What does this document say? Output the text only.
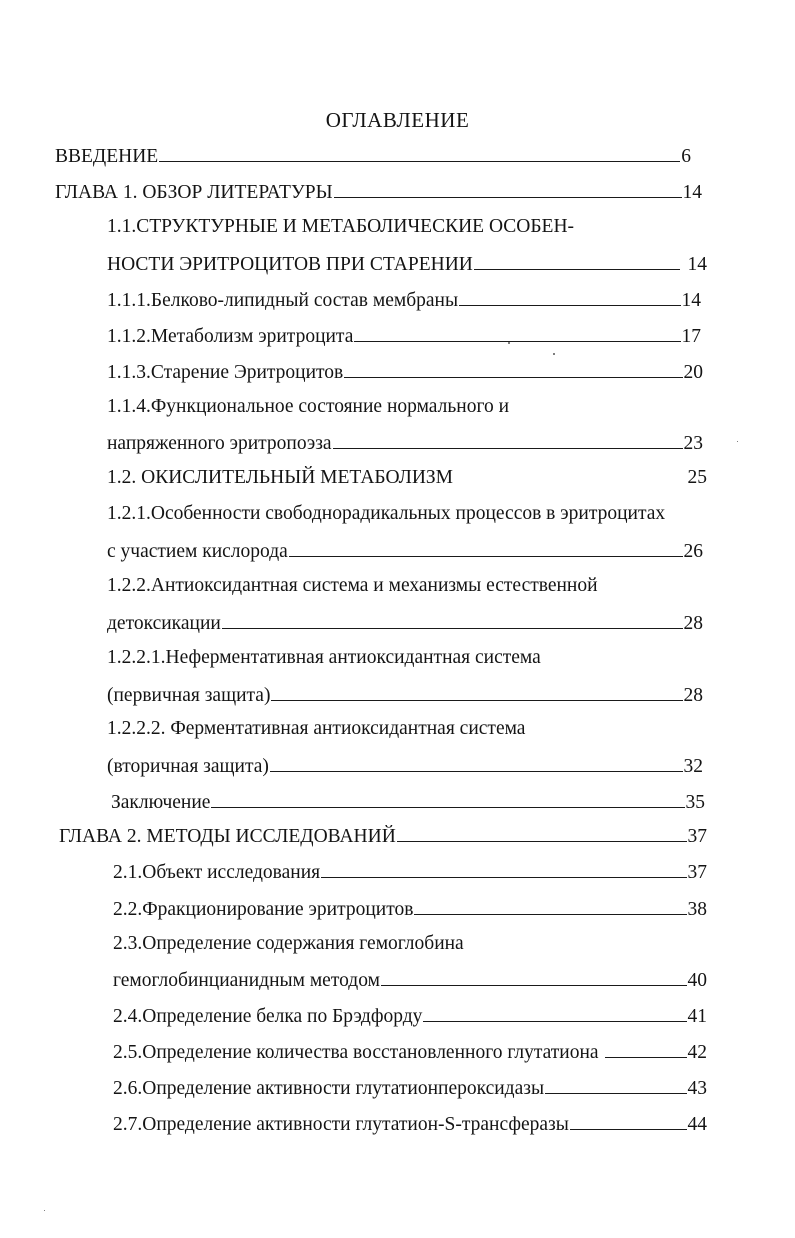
ОГЛАВЛЕНИЕ
ВВЕДЕНИЕ	6
ГЛАВА 1. ОБЗОР ЛИТЕРАТУРЫ	14
1.1.СТРУКТУРНЫЕ И МЕТАБОЛИЧЕСКИЕ ОСОБЕН-
НОСТИ ЭРИТРОЦИТОВ ПРИ СТАРЕНИИ	14
1.1.1.Белково-липидный состав мембраны	14
1.1.2.Метаболизм эритроцита	17
1.1.3.Старение Эритроцитов	20
1.1.4.Функциональное состояние нормального и
напряженного эритропоэза	23
1.2. ОКИСЛИТЕЛЬНЫЙ МЕТАБОЛИЗМ	25
1.2.1.Особенности свободнорадикальных процессов в эритроцитах
с участием кислорода	26
1.2.2.Антиоксидантная система и механизмы естественной
детоксикации	28
1.2.2.1.Неферментативная антиоксидантная система
(первичная защита)	28
1.2.2.2. Ферментативная антиоксидантная система
(вторичная защита)	32
Заключение	35
ГЛАВА 2. МЕТОДЫ ИССЛЕДОВАНИЙ	37
2.1.Объект исследования	37
2.2.Фракционирование эритроцитов	38
2.3.Определение содержания гемоглобина
гемоглобинцианидным методом	40
2.4.Определение белка по Брэдфорду	41
2.5.Определение количества восстановленного глутатиона	42
2.6.Определение активности глутатионпероксидазы	43
2.7.Определение активности глутатион-S-трансферазы	44
